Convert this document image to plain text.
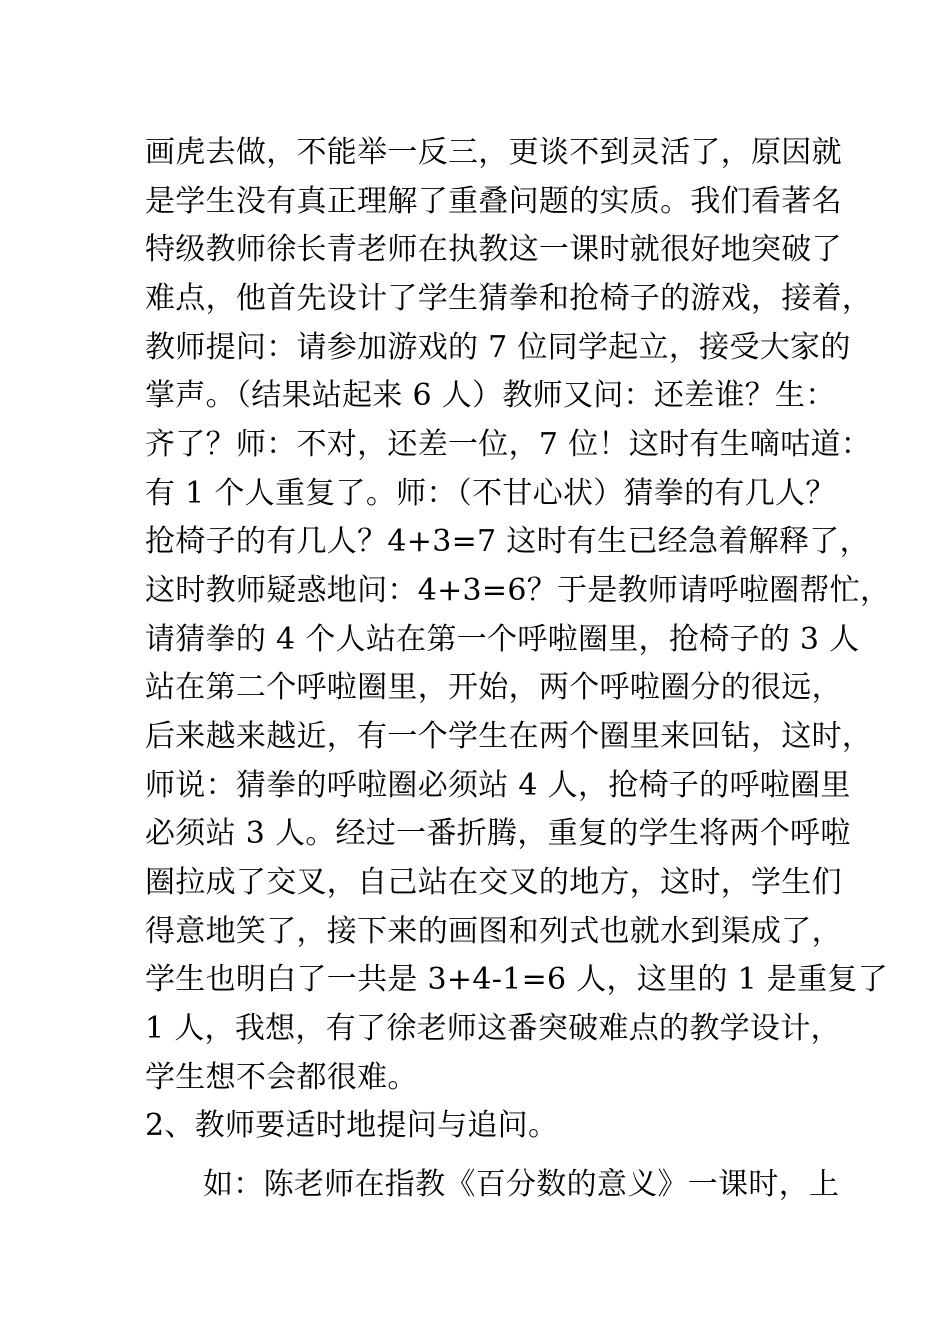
画虎去做，不能举一反三，更谈不到灵活了，原因就
是学生没有真正理解了重叠问题的实质。我们看著名
特级教师徐长青老师在执教这一课时就很好地突破了
难点，他首先设计了学生猜拳和抢椅子的游戏，接着，
教师提问：请参加游戏的 7 位同学起立，接受大家的
掌声。（结果站起来 6 人）教师又问：还差谁？生：
齐了？师：不对，还差一位，7 位！这时有生嘀咕道：
有 1 个人重复了。师：（不甘心状）猜拳的有几人？
抢椅子的有几人？4+3=7 这时有生已经急着解释了，
这时教师疑惑地问：4+3=6？于是教师请呼啦圈帮忙，
请猜拳的 4 个人站在第一个呼啦圈里，抢椅子的 3 人
站在第二个呼啦圈里，开始，两个呼啦圈分的很远，
后来越来越近，有一个学生在两个圈里来回钻，这时，
师说：猜拳的呼啦圈必须站 4 人，抢椅子的呼啦圈里
必须站 3 人。经过一番折腾，重复的学生将两个呼啦
圈拉成了交叉，自己站在交叉的地方，这时，学生们
得意地笑了，接下来的画图和列式也就水到渠成了，
学生也明白了一共是 3+4-1=6 人，这里的 1 是重复了
1 人，我想，有了徐老师这番突破难点的教学设计，
学生想不会都很难。
2、教师要适时地提问与追问。
如：陈老师在指教《百分数的意义》一课时，上
